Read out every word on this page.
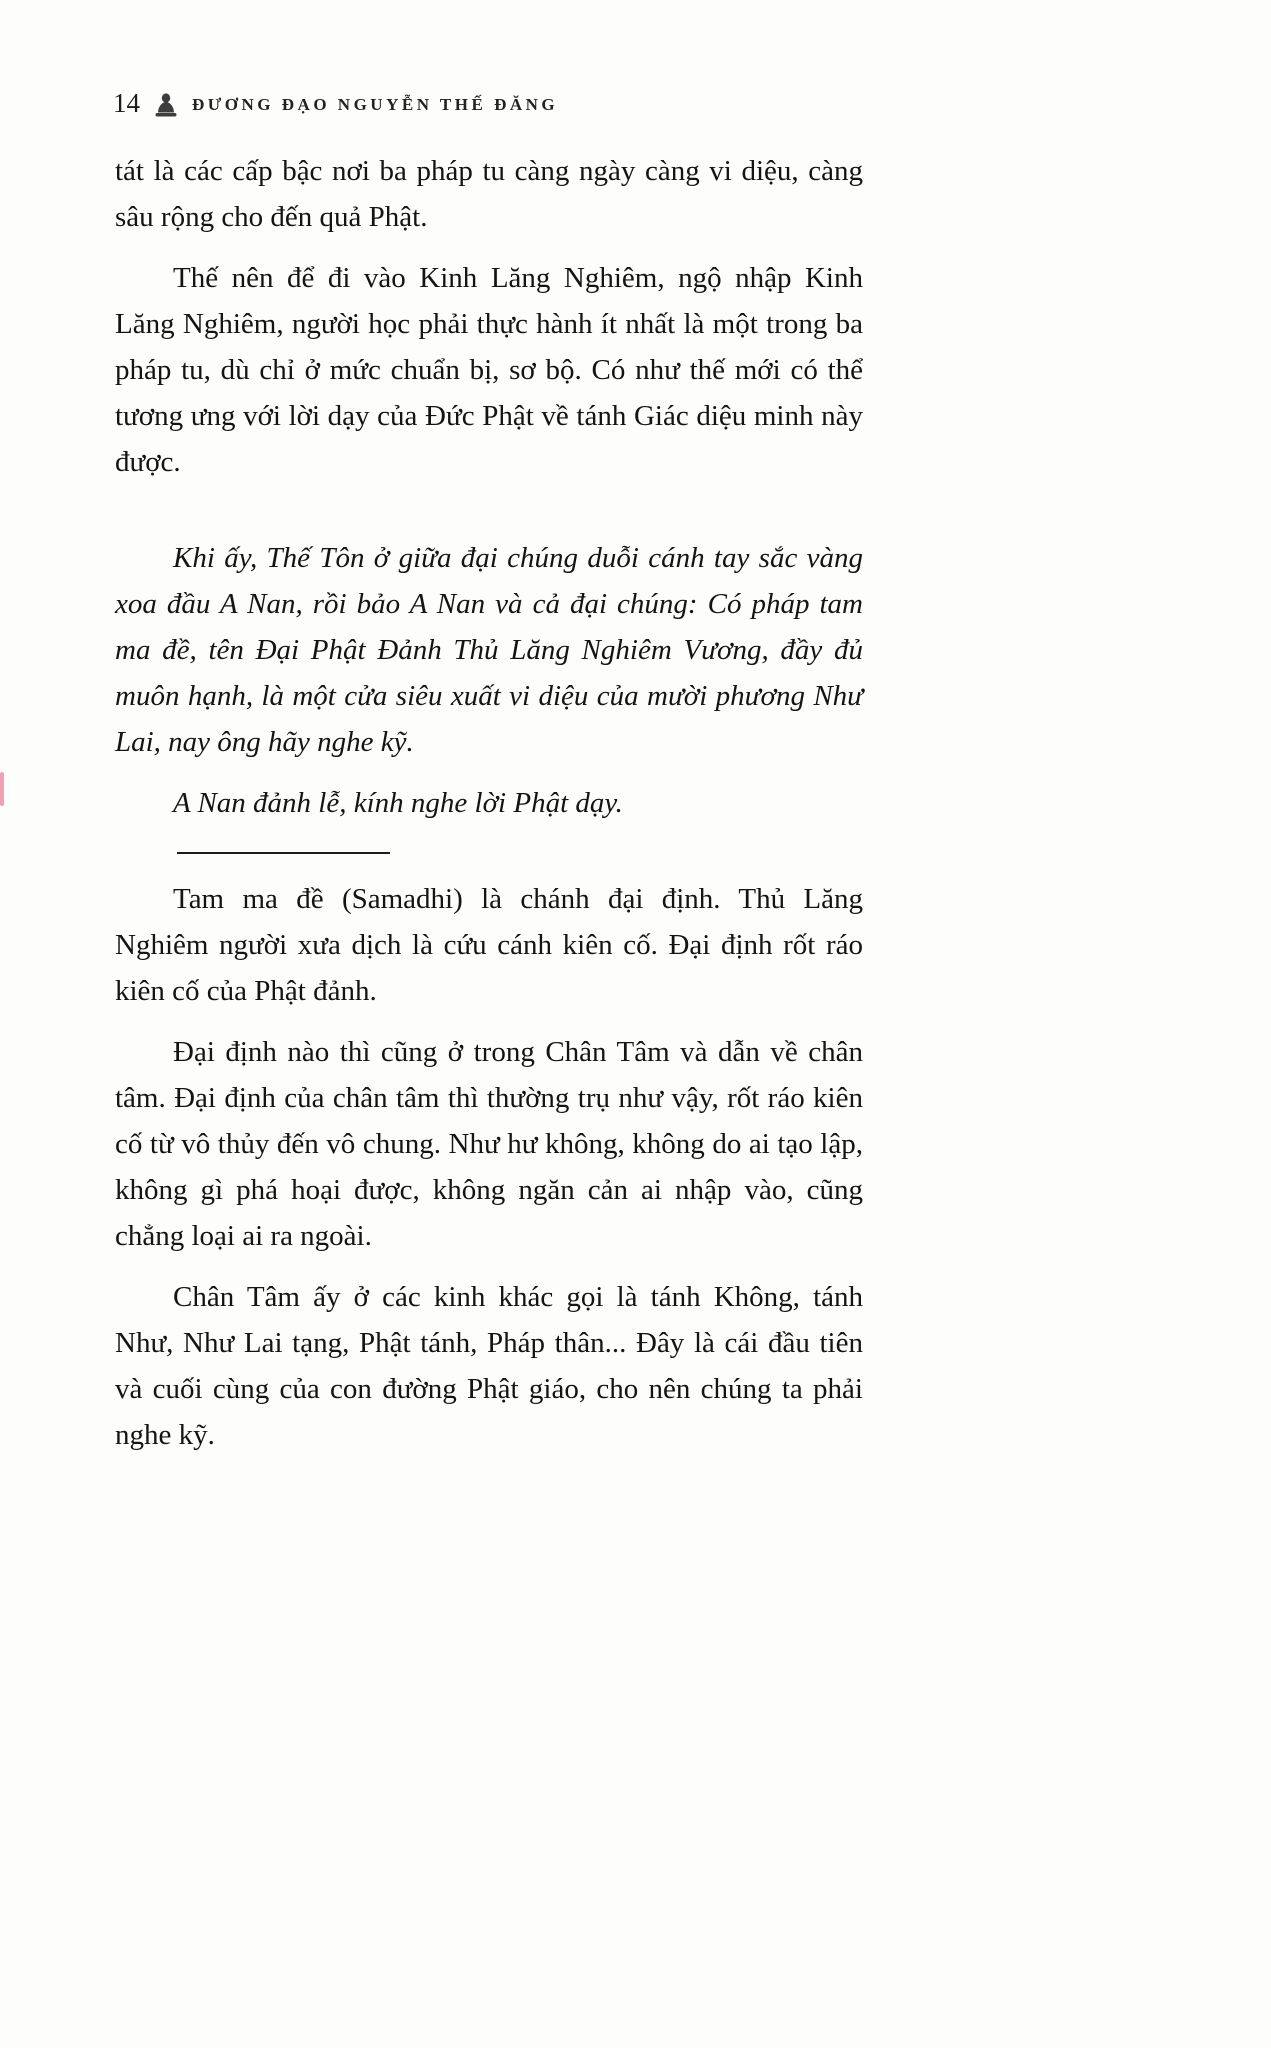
14	ĐƯƠNG ĐẠO NGUYỄN THẾ ĐĂNG

tát là các cấp bậc nơi ba pháp tu càng ngày càng vi diệu, càng sâu rộng cho đến quả Phật.

Thế nên để đi vào Kinh Lăng Nghiêm, ngộ nhập Kinh Lăng Nghiêm, người học phải thực hành ít nhất là một trong ba pháp tu, dù chỉ ở mức chuẩn bị, sơ bộ. Có như thế mới có thể tương ưng với lời dạy của Đức Phật về tánh Giác diệu minh này được.

Khi ấy, Thế Tôn ở giữa đại chúng duỗi cánh tay sắc vàng xoa đầu A Nan, rồi bảo A Nan và cả đại chúng: Có pháp tam ma đề, tên Đại Phật Đảnh Thủ Lăng Nghiêm Vương, đầy đủ muôn hạnh, là một cửa siêu xuất vi diệu của mười phương Như Lai, nay ông hãy nghe kỹ.

A Nan đảnh lễ, kính nghe lời Phật dạy.

Tam ma đề (Samadhi) là chánh đại định. Thủ Lăng Nghiêm người xưa dịch là cứu cánh kiên cố. Đại định rốt ráo kiên cố của Phật đảnh.

Đại định nào thì cũng ở trong Chân Tâm và dẫn về chân tâm. Đại định của chân tâm thì thường trụ như vậy, rốt ráo kiên cố từ vô thủy đến vô chung. Như hư không, không do ai tạo lập, không gì phá hoại được, không ngăn cản ai nhập vào, cũng chẳng loại ai ra ngoài.

Chân Tâm ấy ở các kinh khác gọi là tánh Không, tánh Như, Như Lai tạng, Phật tánh, Pháp thân... Đây là cái đầu tiên và cuối cùng của con đường Phật giáo, cho nên chúng ta phải nghe kỹ.
